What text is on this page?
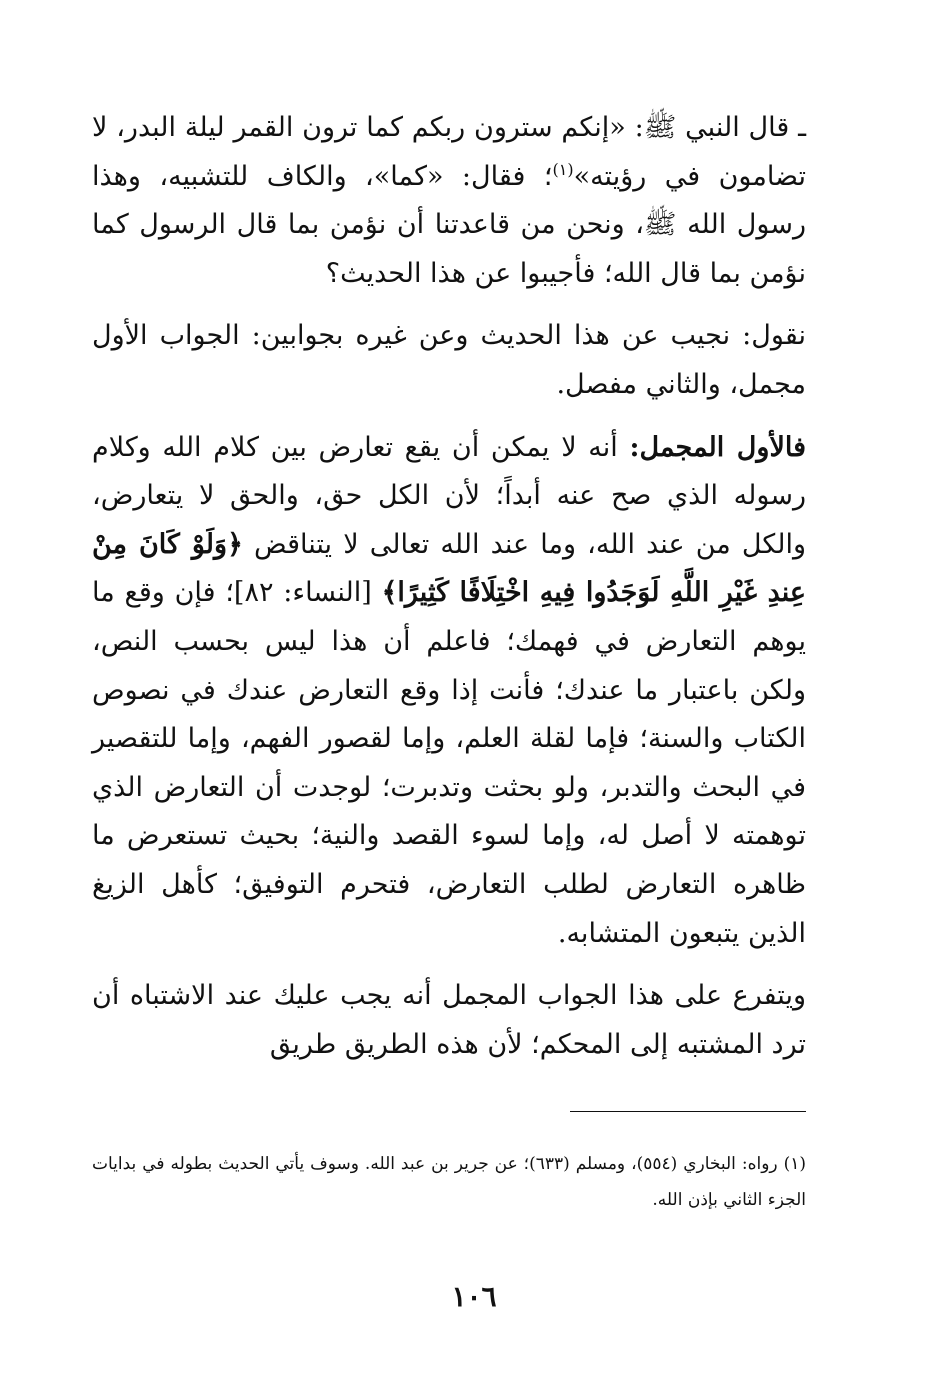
ـ قال النبي ﷺ: «إنكم سترون ربكم كما ترون القمر ليلة البدر، لا تضامون في رؤيته»$^{(١)}$؛ فقال: «كما»، والكاف للتشبيه، وهذا رسول الله ﷺ، ونحن من قاعدتنا أن نؤمن بما قال الرسول كما نؤمن بما قال الله؛ فأجيبوا عن هذا الحديث؟

نقول: نجيب عن هذا الحديث وعن غيره بجوابين: الجواب الأول مجمل، والثاني مفصل.

فالأول المجمل: أنه لا يمكن أن يقع تعارض بين كلام الله وكلام رسوله الذي صح عنه أبداً؛ لأن الكل حق، والحق لا يتعارض، والكل من عند الله، وما عند الله تعالى لا يتناقض ﴿وَلَوْ كَانَ مِنْ عِندِ غَيْرِ اللَّهِ لَوَجَدُوا فِيهِ اخْتِلَافًا كَثِيرًا﴾ [النساء: ٨٢]؛ فإن وقع ما يوهم التعارض في فهمك؛ فاعلم أن هذا ليس بحسب النص، ولكن باعتبار ما عندك؛ فأنت إذا وقع التعارض عندك في نصوص الكتاب والسنة؛ فإما لقلة العلم، وإما لقصور الفهم، وإما للتقصير في البحث والتدبر، ولو بحثت وتدبرت؛ لوجدت أن التعارض الذي توهمته لا أصل له، وإما لسوء القصد والنية؛ بحيث تستعرض ما ظاهره التعارض لطلب التعارض، فتحرم التوفيق؛ كأهل الزيغ الذين يتبعون المتشابه.

ويتفرع على هذا الجواب المجمل أنه يجب عليك عند الاشتباه أن ترد المشتبه إلى المحكم؛ لأن هذه الطريق طريق

(١) رواه: البخاري (٥٥٤)، ومسلم (٦٣٣)؛ عن جرير بن عبد الله. وسوف يأتي الحديث بطوله في بدايات الجزء الثاني بإذن الله.

١٠٦
